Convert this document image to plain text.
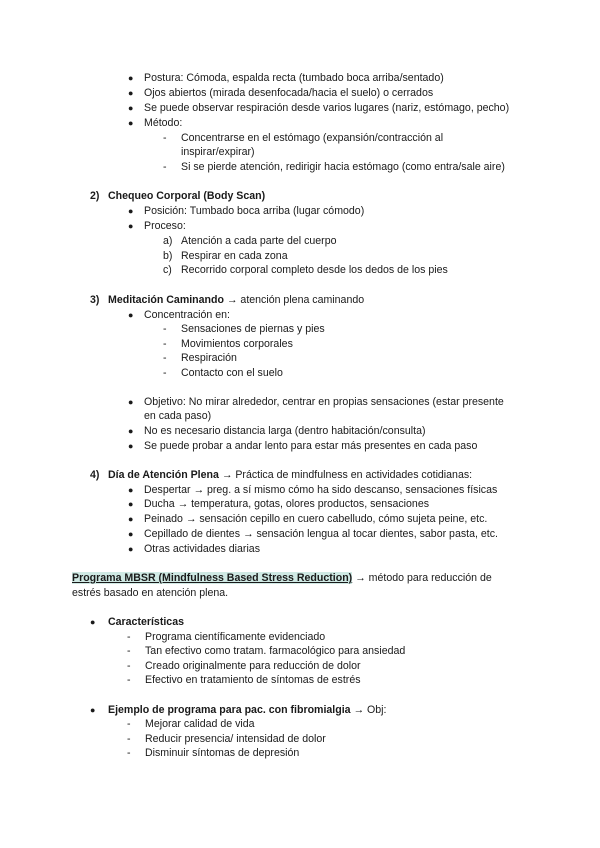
● Postura: Cómoda, espalda recta (tumbado boca arriba/sentado)
● Ojos abiertos (mirada desenfocada/hacia el suelo) o cerrados
● Se puede observar respiración desde varios lugares (nariz, estómago, pecho)
● Método:
- Concentrarse en el estómago (expansión/contracción al
inspirar/expirar)
- Si se pierde atención, redirigir hacia estómago (como entra/sale aire)
2) Chequeo Corporal (Body Scan)
● Posición: Tumbado boca arriba (lugar cómodo)
● Proceso:
a) Atención a cada parte del cuerpo
b) Respirar en cada zona
c) Recorrido corporal completo desde los dedos de los pies
3) Meditación Caminando → atención plena caminando
● Concentración en:
- Sensaciones de piernas y pies
- Movimientos corporales
- Respiración
- Contacto con el suelo
● Objetivo: No mirar alrededor, centrar en propias sensaciones (estar presente
en cada paso)
● No es necesario distancia larga (dentro habitación/consulta)
● Se puede probar a andar lento para estar más presentes en cada paso
4) Día de Atención Plena → Práctica de mindfulness en actividades cotidianas:
● Despertar → preg. a sí mismo cómo ha sido descanso, sensaciones físicas
● Ducha → temperatura, gotas, olores productos, sensaciones
● Peinado → sensación cepillo en cuero cabelludo, cómo sujeta peine, etc.
● Cepillado de dientes → sensación lengua al tocar dientes, sabor pasta, etc.
● Otras actividades diarias
Programa MBSR (Mindfulness Based Stress Reduction) → método para reducción de
estrés basado en atención plena.
● Características
- Programa científicamente evidenciado
- Tan efectivo como tratam. farmacológico para ansiedad
- Creado originalmente para reducción de dolor
- Efectivo en tratamiento de síntomas de estrés
● Ejemplo de programa para pac. con fibromialgia → Obj:
- Mejorar calidad de vida
- Reducir presencia/ intensidad de dolor
- Disminuir síntomas de depresión
